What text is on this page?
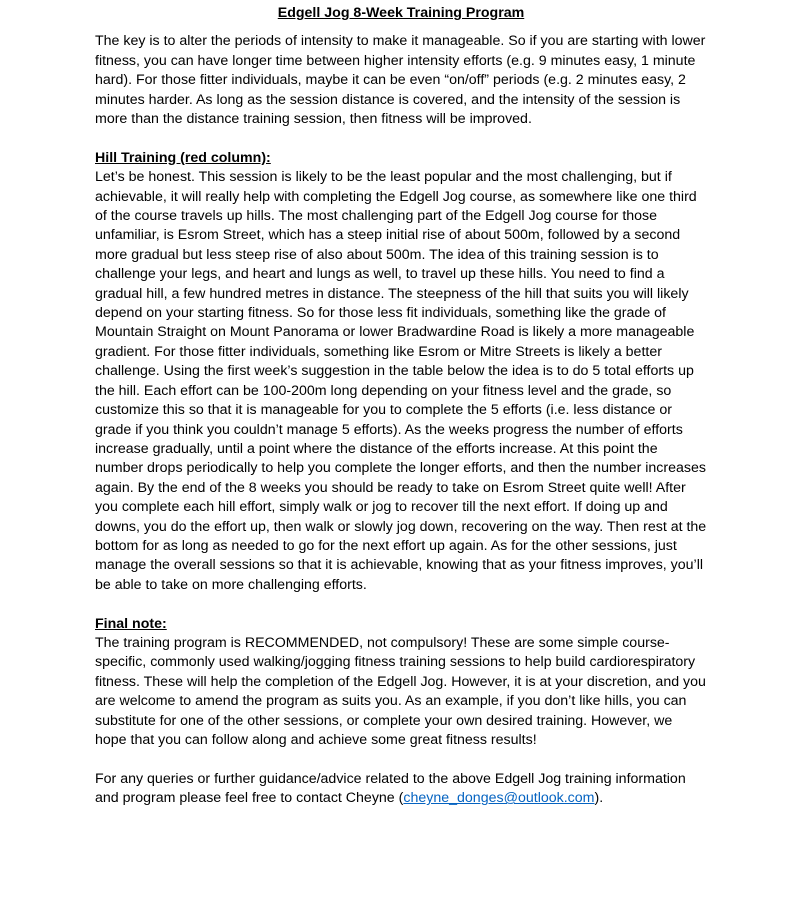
Edgell Jog 8-Week Training Program

The key is to alter the periods of intensity to make it manageable. So if you are starting with lower fitness, you can have longer time between higher intensity efforts (e.g. 9 minutes easy, 1 minute hard). For those fitter individuals, maybe it can be even “on/off” periods (e.g. 2 minutes easy, 2 minutes harder. As long as the session distance is covered, and the intensity of the session is more than the distance training session, then fitness will be improved.

Hill Training (red column):

Let’s be honest. This session is likely to be the least popular and the most challenging, but if achievable, it will really help with completing the Edgell Jog course, as somewhere like one third of the course travels up hills. The most challenging part of the Edgell Jog course for those unfamiliar, is Esrom Street, which has a steep initial rise of about 500m, followed by a second more gradual but less steep rise of also about 500m. The idea of this training session is to challenge your legs, and heart and lungs as well, to travel up these hills. You need to find a gradual hill, a few hundred metres in distance. The steepness of the hill that suits you will likely depend on your starting fitness. So for those less fit individuals, something like the grade of Mountain Straight on Mount Panorama or lower Bradwardine Road is likely a more manageable gradient. For those fitter individuals, something like Esrom or Mitre Streets is likely a better challenge. Using the first week’s suggestion in the table below the idea is to do 5 total efforts up the hill. Each effort can be 100-200m long depending on your fitness level and the grade, so customize this so that it is manageable for you to complete the 5 efforts (i.e. less distance or grade if you think you couldn’t manage 5 efforts). As the weeks progress the number of efforts increase gradually, until a point where the distance of the efforts increase. At this point the number drops periodically to help you complete the longer efforts, and then the number increases again. By the end of the 8 weeks you should be ready to take on Esrom Street quite well! After you complete each hill effort, simply walk or jog to recover till the next effort. If doing up and downs, you do the effort up, then walk or slowly jog down, recovering on the way. Then rest at the bottom for as long as needed to go for the next effort up again. As for the other sessions, just manage the overall sessions so that it is achievable, knowing that as your fitness improves, you’ll be able to take on more challenging efforts.

Final note:

The training program is RECOMMENDED, not compulsory! These are some simple course-specific, commonly used walking/jogging fitness training sessions to help build cardiorespiratory fitness. These will help the completion of the Edgell Jog. However, it is at your discretion, and you are welcome to amend the program as suits you. As an example, if you don’t like hills, you can substitute for one of the other sessions, or complete your own desired training. However, we hope that you can follow along and achieve some great fitness results!

For any queries or further guidance/advice related to the above Edgell Jog training information and program please feel free to contact Cheyne (cheyne_donges@outlook.com).
